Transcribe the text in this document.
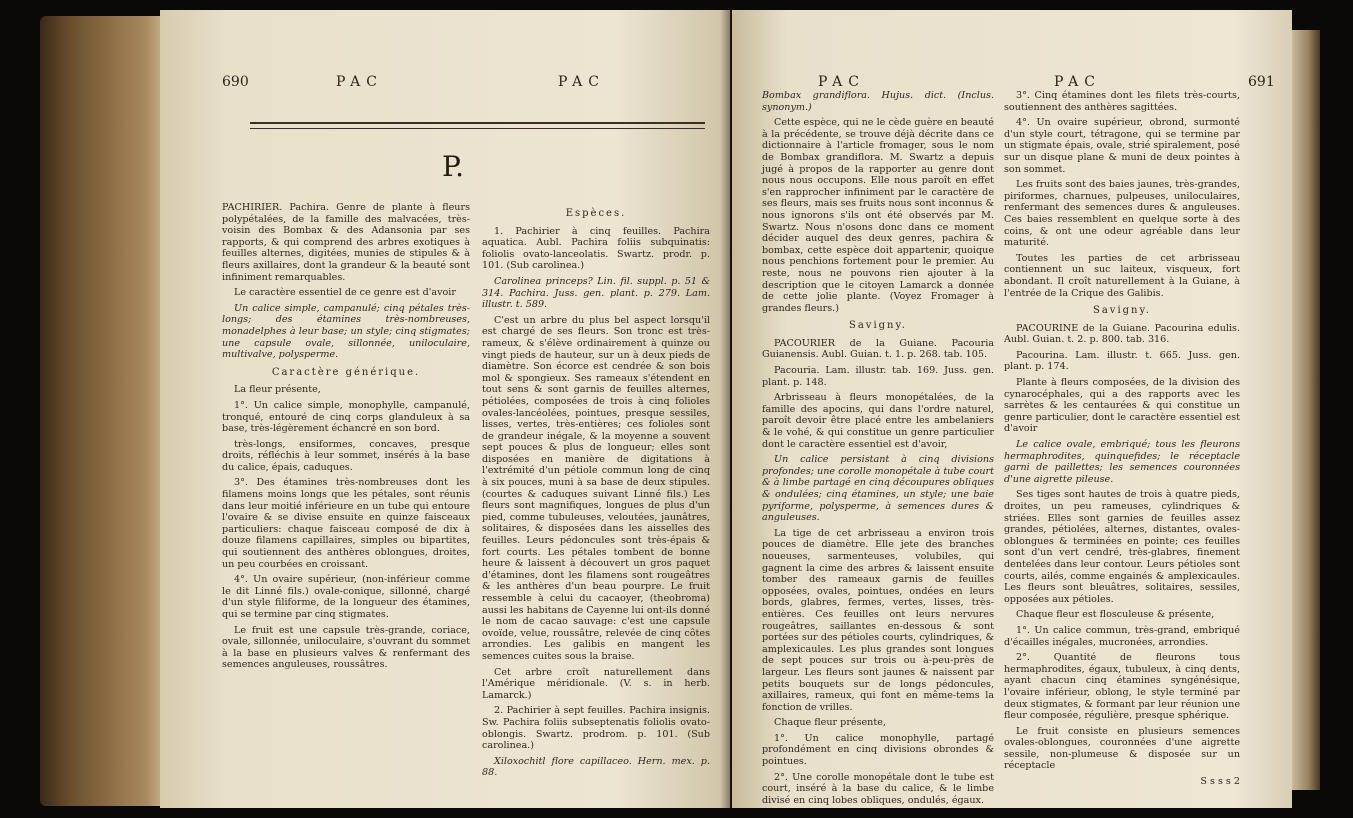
690	PAC	PAC
P.

PACHIRIER. Pachira. Genre de plante à fleurs polypétalées, de la famille des malvacées, très-voisin des Bombax & des Adansonia par ses rapports, & qui comprend des arbres exotiques à feuilles alternes, digitées, munies de stipules & à fleurs axillaires, dont la grandeur & la beauté sont infiniment remarquables.

Le caractère essentiel de ce genre est d'avoir

Un calice simple, campanulé; cinq pétales très-longs; des étamines très-nombreuses, monadelphes à leur base; un style; cinq stigmates; une capsule ovale, sillonnée, uniloculaire, multivalve, polysperme.

Caractère générique.

La fleur présente,

1°. Un calice simple, monophylle, campanulé, tronqué, entouré de cinq corps glanduleux à sa base, très-légèrement échancré en son bord.

très-longs, ensiformes, concaves, presque droits, réfléchis à leur sommet, insérés à la base du calice, épais, caduques.

3°. Des étamines très-nombreuses dont les filamens moins longs que les pétales, sont réunis dans leur moitié inférieure en un tube qui entoure l'ovaire & se divise ensuite en quinze faisceaux particuliers: chaque faisceau composé de dix à douze filamens capillaires, simples ou bipartites, qui soutiennent des anthères oblongues, droites, un peu courbées en croissant.

4°. Un ovaire supérieur, (non-inférieur comme le dit Linné fils.) ovale-conique, sillonné, chargé d'un style filiforme, de la longueur des étamines, qui se termine par cinq stigmates.

Le fruit est une capsule très-grande, coriace, ovale, sillonnée, uniloculaire, s'ouvrant du sommet à la base en plusieurs valves & renfermant des semences anguleuses, roussâtres.

Espèces.

1. Pachirier à cinq feuilles. Pachira aquatica. Aubl. Pachira foliis subquinatis: foliolis ovato-lanceolatis. Swartz. prodr. p. 101. (Sub carolinea.)

Carolinea princeps? Lin. fil. suppl. p. 51 & 314. Pachira. Juss. gen. plant. p. 279. Lam. illustr. t. 589.

C'est un arbre du plus bel aspect lorsqu'il est chargé de ses fleurs. Son tronc est très-rameux, & s'élève ordinairement à quinze ou vingt pieds de hauteur, sur un à deux pieds de diamètre. Son écorce est cendrée & son bois mol & spongieux. Ses rameaux s'étendent en tout sens & sont garnis de feuilles alternes, pétiolées, composées de trois à cinq folioles ovales-lancéolées, pointues, presque sessiles, lisses, vertes, très-entières; ces folioles sont de grandeur inégale, & la moyenne a souvent sept pouces & plus de longueur; elles sont disposées en manière de digitations à l'extrémité d'un pétiole commun long de cinq à six pouces, muni à sa base de deux stipules. (courtes & caduques suivant Linné fils.) Les fleurs sont magnifiques, longues de plus d'un pied, comme tubuleuses, veloutées, jaunâtres, solitaires, & disposées dans les aisselles des feuilles. Leurs pédoncules sont très-épais & fort courts. Les pétales tombent de bonne heure & laissent à découvert un gros paquet d'étamines, dont les filamens sont rougeâtres & les anthères d'un beau pourpre. Le fruit ressemble à celui du cacaoyer, (theobroma) aussi les habitans de Cayenne lui ont-ils donné le nom de cacao sauvage: c'est une capsule ovoïde, velue, roussâtre, relevée de cinq côtes arrondies. Les galibis en mangent les semences cuites sous la braise.

Cet arbre croît naturellement dans l'Amérique méridionale. (V. s. in herb. Lamarck.)

2. Pachirier à sept feuilles. Pachira insignis. Sw. Pachira foliis subseptenatis foliolis ovato-oblongis. Swartz. prodrom. p. 101. (Sub carolinea.)

Xiloxochitl flore capillaceo. Hern. mex. p. 88.

PAC	PAC	691

Bombax grandiflora. Hujus. dict. (Inclus. synonym.)

Cette espèce, qui ne le cède guère en beauté à la précédente, se trouve déjà décrite dans ce dictionnaire à l'article fromager, sous le nom de Bombax grandiflora. M. Swartz a depuis jugé à propos de la rapporter au genre dont nous nous occupons. Elle nous paroît en effet s'en rapprocher infiniment par le caractère de ses fleurs, mais ses fruits nous sont inconnus & nous ignorons s'ils ont été observés par M. Swartz. Nous n'osons donc dans ce moment décider auquel des deux genres, pachira & bombax, cette espèce doit appartenir, quoique nous penchions fortement pour le premier. Au reste, nous ne pouvons rien ajouter à la description que le citoyen Lamarck a donnée de cette jolie plante. (Voyez Fromager à grandes fleurs.)

Savigny.

PACOURIER de la Guiane. Pacouria Guianensis. Aubl. Guian. t. 1. p. 268. tab. 105.

Pacouria. Lam. illustr. tab. 169. Juss. gen. plant. p. 148.

Arbrisseau à fleurs monopétalées, de la famille des apocins, qui dans l'ordre naturel, paroît devoir être placé entre les ambelaniers & le vohé, & qui constitue un genre particulier dont le caractère essentiel est d'avoir,

Un calice persistant à cinq divisions profondes; une corolle monopétale à tube court & à limbe partagé en cinq découpures obliques & ondulées; cinq étamines, un style; une baie pyriforme, polysperme, à semences dures & anguleuses.

La tige de cet arbrisseau a environ trois pouces de diamètre. Elle jete des branches noueuses, sarmenteuses, volubiles, qui gagnent la cime des arbres & laissent ensuite tomber des rameaux garnis de feuilles opposées, ovales, pointues, ondées en leurs bords, glabres, fermes, vertes, lisses, très-entières. Ces feuilles ont leurs nervures rougeâtres, saillantes en-dessous & sont portées sur des pétioles courts, cylindriques, & amplexicaules. Les plus grandes sont longues de sept pouces sur trois ou à-peu-près de largeur. Les fleurs sont jaunes & naissent par petits bouquets sur de longs pédoncules, axillaires, rameux, qui font en même-tems la fonction de vrilles.

Chaque fleur présente,

1°. Un calice monophylle, partagé profondément en cinq divisions obrondes & pointues.

2°. Une corolle monopétale dont le tube est court, inséré à la base du calice, & le limbe divisé en cinq lobes obliques, ondulés, égaux.

3°. Cinq étamines dont les filets très-courts, soutiennent des anthères sagittées.

4°. Un ovaire supérieur, obrond, surmonté d'un style court, tétragone, qui se termine par un stigmate épais, ovale, strié spiralement, posé sur un disque plane & muni de deux pointes à son sommet.

Les fruits sont des baies jaunes, très-grandes, piriformes, charnues, pulpeuses, uniloculaires, renfermant des semences dures & anguleuses. Ces baies ressemblent en quelque sorte à des coins, & ont une odeur agréable dans leur maturité.

Toutes les parties de cet arbrisseau contiennent un suc laiteux, visqueux, fort abondant. Il croît naturellement à la Guiane, à l'entrée de la Crique des Galibis.

Savigny.

PACOURINE de la Guiane. Pacourina edulis. Aubl. Guian. t. 2. p. 800. tab. 316.

Pacourina. Lam. illustr. t. 665. Juss. gen. plant. p. 174.

Plante à fleurs composées, de la division des cynarocéphales, qui a des rapports avec les sarrètes & les centaurées & qui constitue un genre particulier, dont le caractère essentiel est d'avoir

Le calice ovale, embriqué; tous les fleurons hermaphrodites, quinquefides; le réceptacle garni de paillettes; les semences couronnées d'une aigrette pileuse.

Ses tiges sont hautes de trois à quatre pieds, droites, un peu rameuses, cylindriques & striées. Elles sont garnies de feuilles assez grandes, pétiolées, alternes, distantes, ovales-oblongues & terminées en pointe; ces feuilles sont d'un vert cendré, très-glabres, finement dentelées dans leur contour. Leurs pétioles sont courts, ailés, comme engainés & amplexicaules. Les fleurs sont bleuâtres, solitaires, sessiles, opposées aux pétioles.

Chaque fleur est flosculeuse & présente,

1°. Un calice commun, très-grand, embriqué d'écailles inégales, mucronées, arrondies.

2°. Quantité de fleurons tous hermaphrodites, égaux, tubuleux, à cinq dents, ayant chacun cinq étamines syngénésique, l'ovaire inférieur, oblong, le style terminé par deux stigmates, & formant par leur réunion une fleur composée, régulière, presque sphérique.

Le fruit consiste en plusieurs semences ovales-oblongues, couronnées d'une aigrette sessile, non-plumeuse & disposée sur un réceptacle

S s s s 2
